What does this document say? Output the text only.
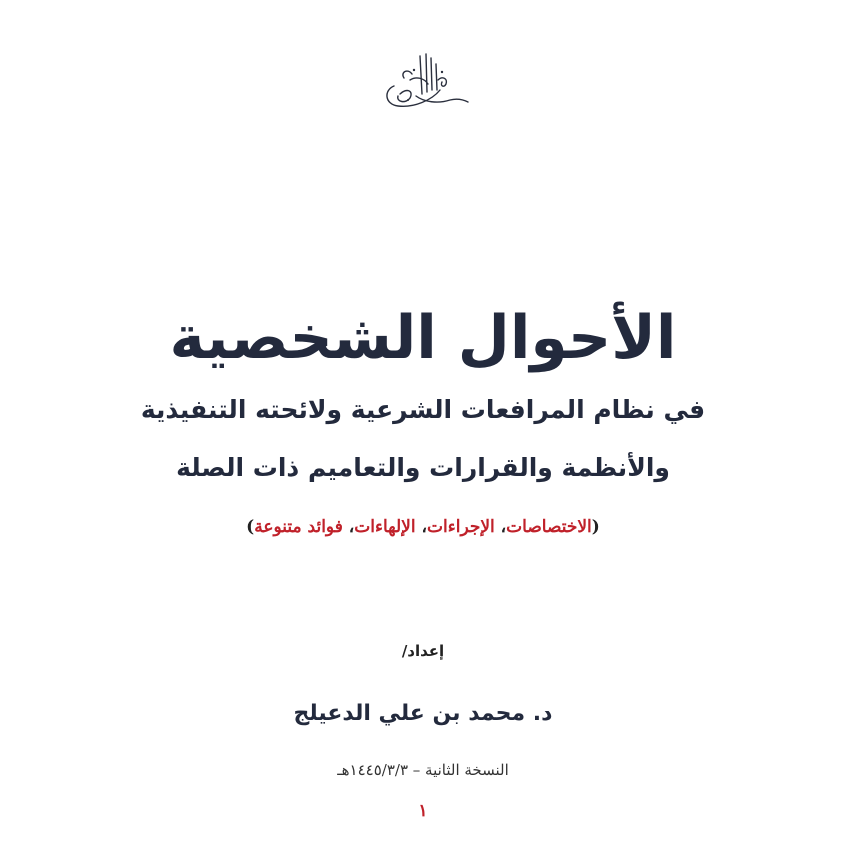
الأحوال الشخصية
في نظام المرافعات الشرعية ولائحته التنفيذية
والأنظمة والقرارات والتعاميم ذات الصلة
(الاختصاصات، الإجراءات، الإلهاءات، فوائد متنوعة)
إعداد/
د. محمد بن علي الدعيلج
النسخة الثانية – ١٤٤٥/٣/٣هـ
١
